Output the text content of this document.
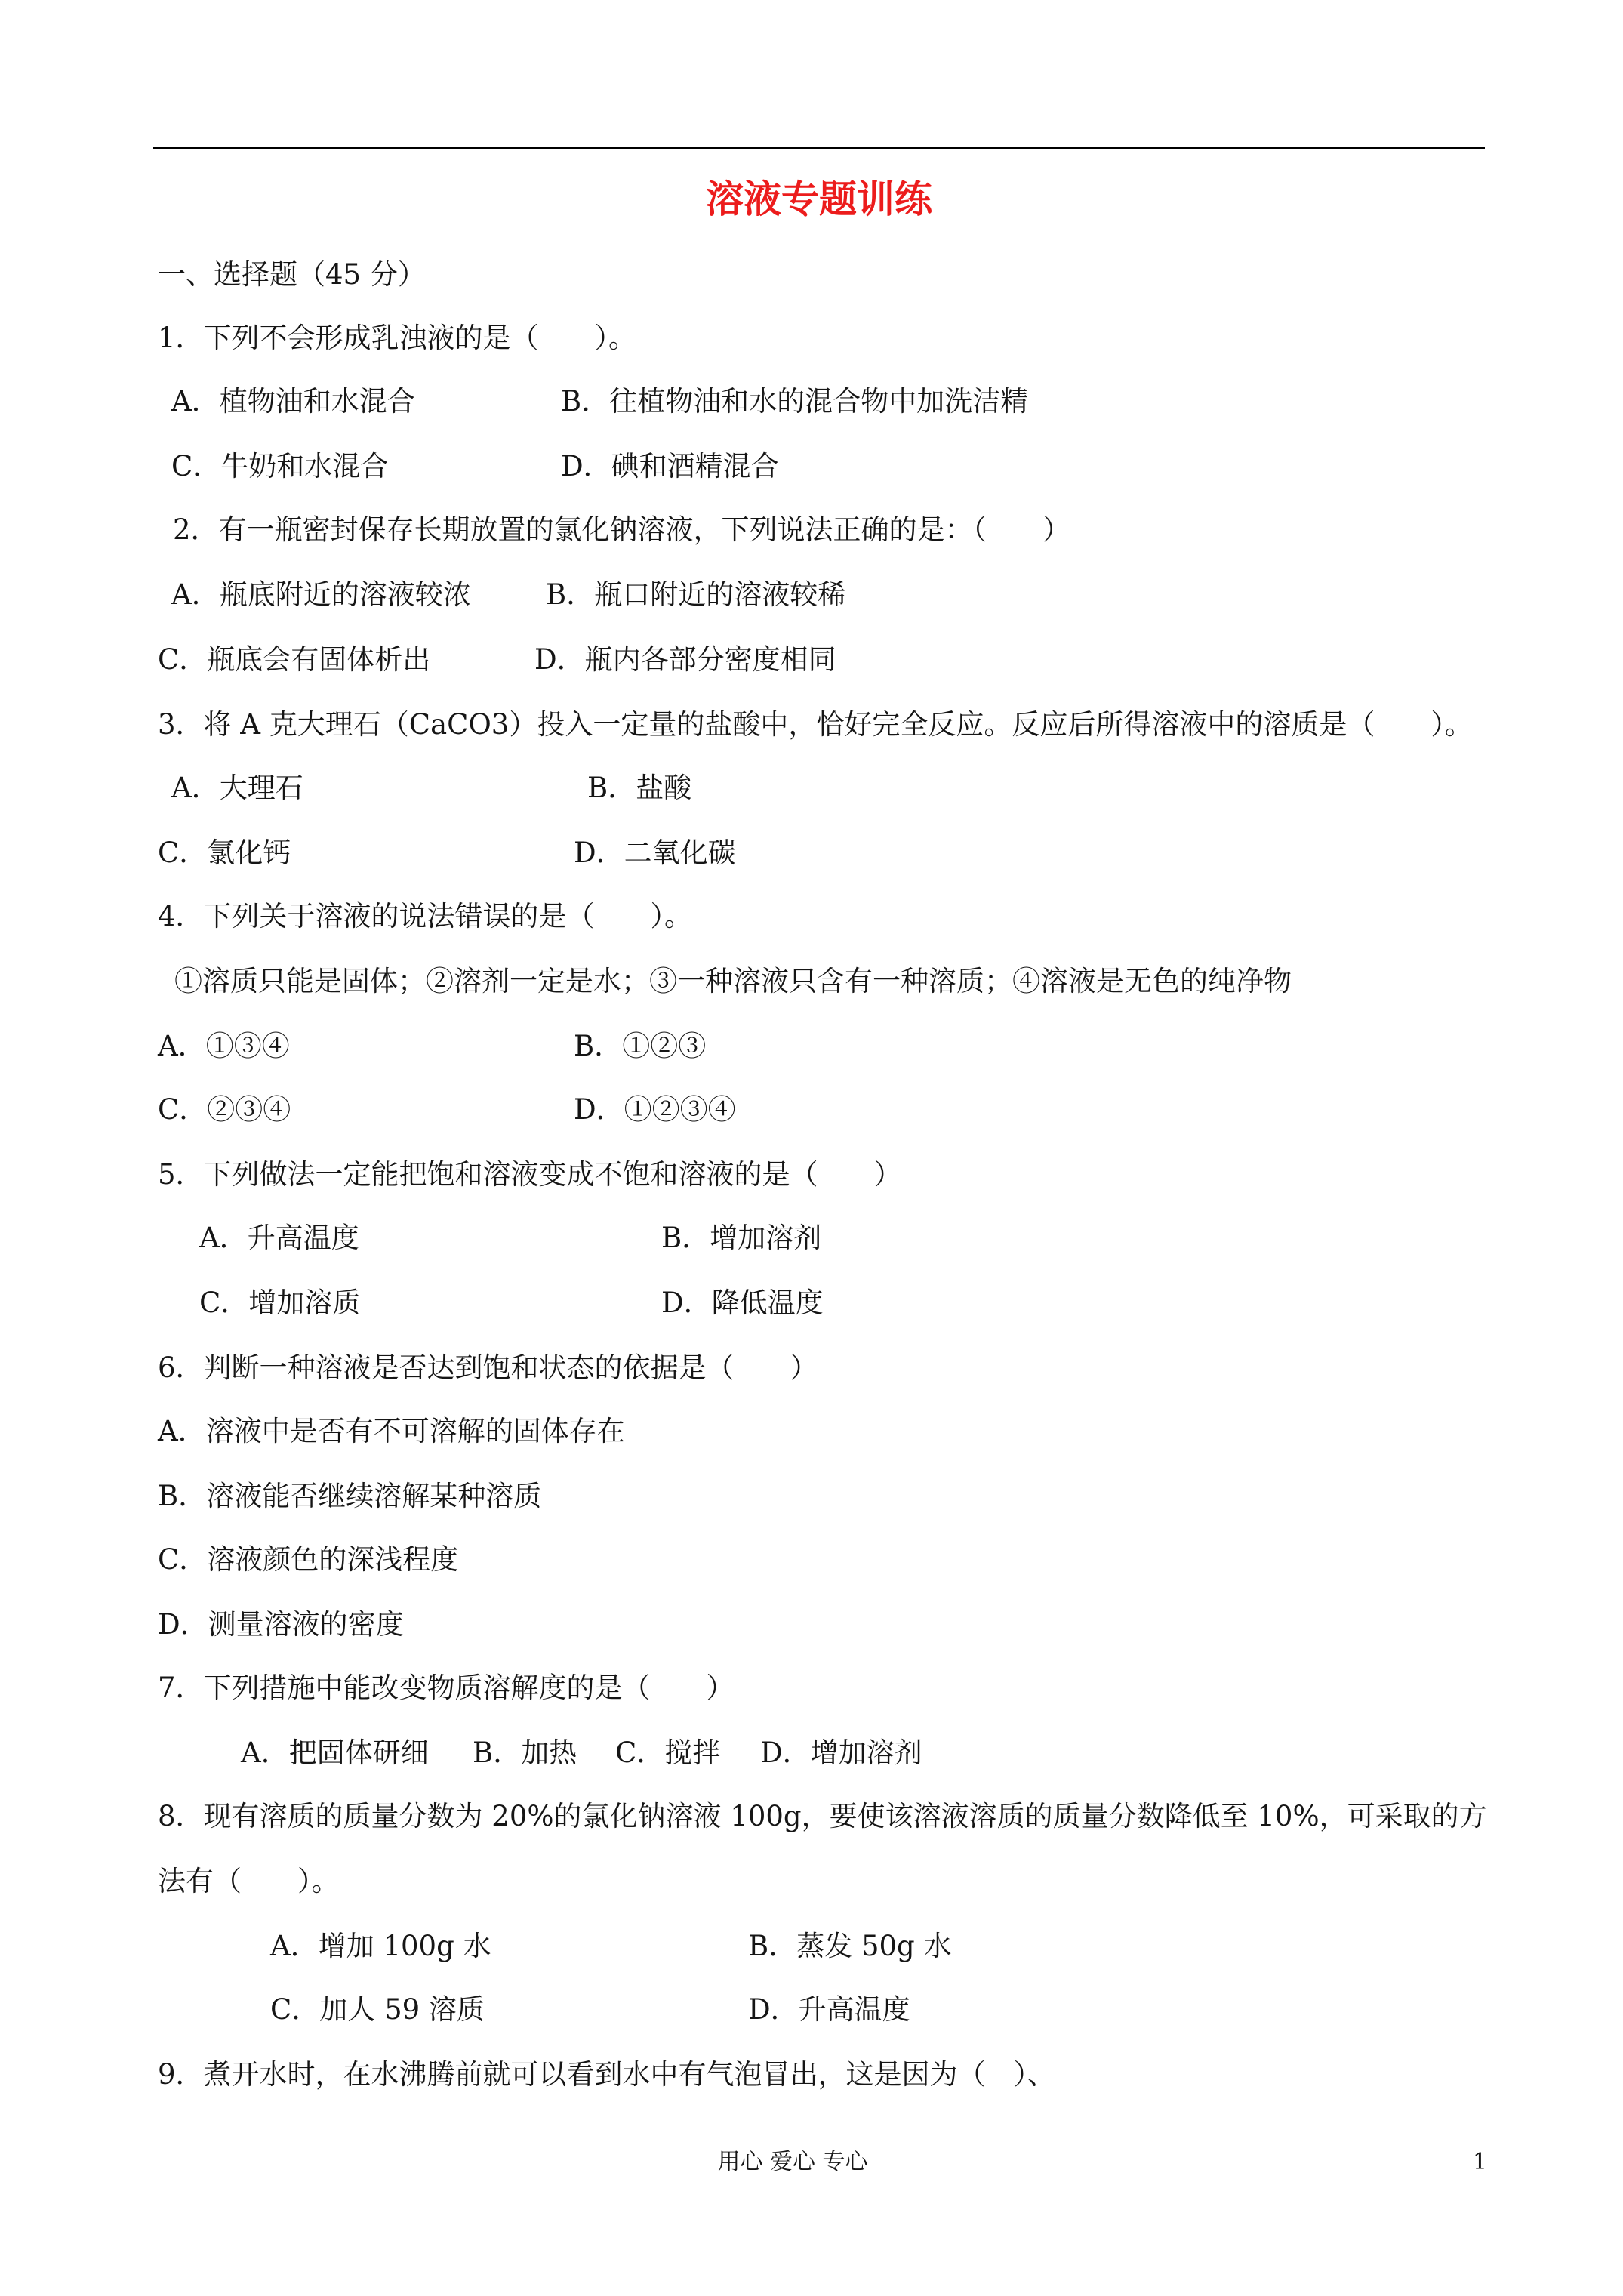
溶液专题训练
一、选择题（45 分）
1．下列不会形成乳浊液的是（　　）。
A．植物油和水混合	B．往植物油和水的混合物中加洗洁精
C．牛奶和水混合	D．碘和酒精混合
2．有一瓶密封保存长期放置的氯化钠溶液，下列说法正确的是：（　　）
A．瓶底附近的溶液较浓	B．瓶口附近的溶液较稀
C．瓶底会有固体析出	D．瓶内各部分密度相同
3．将 A 克大理石（CaCO3）投入一定量的盐酸中，恰好完全反应。反应后所得溶液中的溶质是（　　）。
A．大理石	B．盐酸
C．氯化钙	D．二氧化碳
4．下列关于溶液的说法错误的是（　　）。
①溶质只能是固体；②溶剂一定是水；③一种溶液只含有一种溶质；④溶液是无色的纯净物
A．①③④	B．①②③
C．②③④	D．①②③④
5．下列做法一定能把饱和溶液变成不饱和溶液的是（　　）
A．升高温度	B．增加溶剂
C．增加溶质	D．降低温度
6．判断一种溶液是否达到饱和状态的依据是（　　）
A．溶液中是否有不可溶解的固体存在
B．溶液能否继续溶解某种溶质
C．溶液颜色的深浅程度
D．测量溶液的密度
7．下列措施中能改变物质溶解度的是（　　）
A．把固体研细 B．加热 C．搅拌 D．增加溶剂
8．现有溶质的质量分数为 20%的氯化钠溶液 100g，要使该溶液溶质的质量分数降低至 10%，可采取的方
法有（　　）。
A．增加 100g 水	B．蒸发 50g 水
C．加人 59 溶质	D．升高温度
9．煮开水时，在水沸腾前就可以看到水中有气泡冒出，这是因为（　）、
用心 爱心 专心	1
